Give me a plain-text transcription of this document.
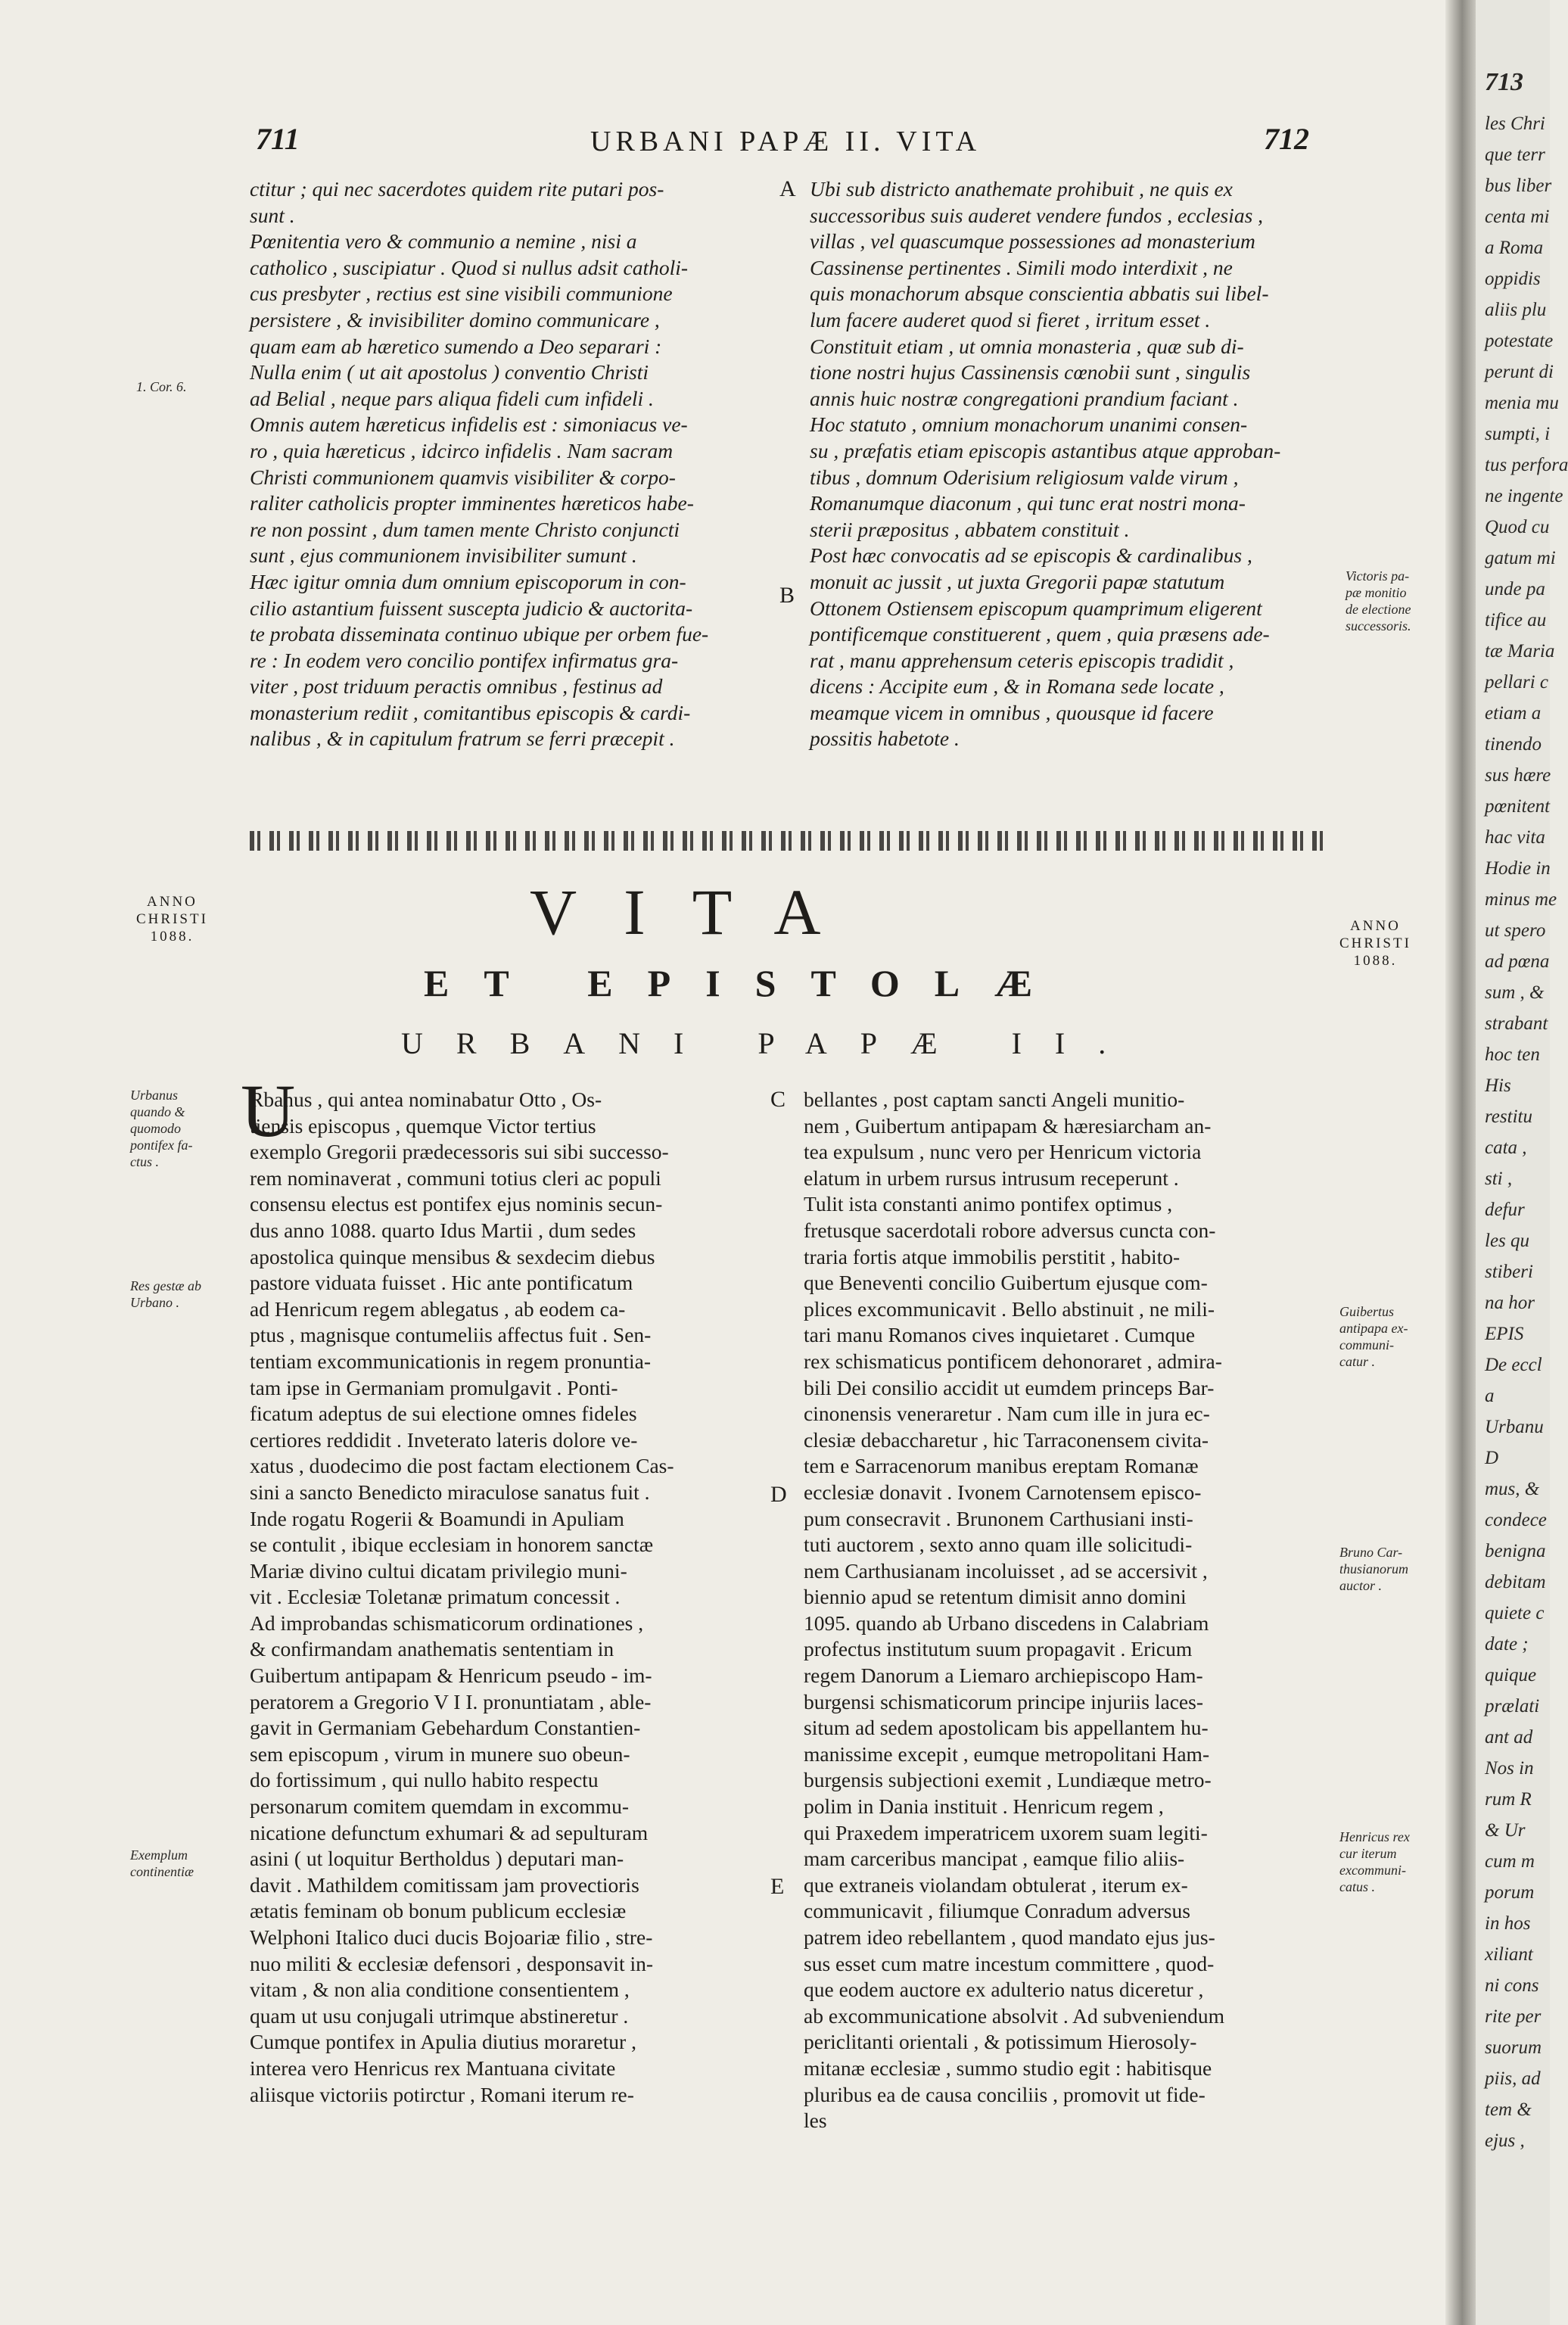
711	URBANI PAPÆ II. VITA	712
ctitur ; qui nec sacerdotes quidem rite putari pos-
sunt .
Pœnitentia vero & communio a nemine , nisi a
catholico , suscipiatur . Quod si nullus adsit catholi-
cus presbyter , rectius est sine visibili communione
persistere , & invisibiliter domino communicare ,
quam eam ab hæretico sumendo a Deo separari :
Nulla enim ( ut ait apostolus ) conventio Christi
ad Belial , neque pars aliqua fideli cum infideli .
Omnis autem hæreticus infidelis est : simoniacus ve-
ro , quia hæreticus , idcirco infidelis . Nam sacram
Christi communionem quamvis visibiliter & corpo-
raliter catholicis propter imminentes hæreticos habe-
re non possint , dum tamen mente Christo conjuncti
sunt , ejus communionem invisibiliter sumunt .
Hæc igitur omnia dum omnium episcoporum in con-
cilio astantium fuissent suscepta judicio & auctorita-
te probata disseminata continuo ubique per orbem fue-
re : In eodem vero concilio pontifex infirmatus gra-
viter , post triduum peractis omnibus , festinus ad
monasterium rediit , comitantibus episcopis & cardi-
nalibus , & in capitulum fratrum se ferri præcepit .
Ubi sub districto anathemate prohibuit , ne quis ex
successoribus suis auderet vendere fundos , ecclesias ,
villas , vel quascumque possessiones ad monasterium
Cassinense pertinentes . Simili modo interdixit , ne
quis monachorum absque conscientia abbatis sui libel-
lum facere auderet quod si fieret , irritum esset .
Constituit etiam , ut omnia monasteria , quæ sub di-
tione nostri hujus Cassinensis cœnobii sunt , singulis
annis huic nostræ congregationi prandium faciant .
Hoc statuto , omnium monachorum unanimi consen-
su , præfatis etiam episcopis astantibus atque approban-
tibus , domnum Oderisium religiosum valde virum ,
Romanumque diaconum , qui tunc erat nostri mona-
sterii præpositus , abbatem constituit .
Post hæc convocatis ad se episcopis & cardinalibus ,
monuit ac jussit , ut juxta Gregorii papæ statutum
Ottonem Ostiensem episcopum quamprimum eligerent
pontificemque constituerent , quem , quia præsens ade-
rat , manu apprehensum ceteris episcopis tradidit ,
dicens : Accipite eum , & in Romana sede locate ,
meamque vicem in omnibus , quousque id facere
possitis habetote .
1. Cor. 6.
Victoris pa-
pæ monitio
de electione
successoris.
A
B
ANNO
CHRISTI
1088.
ANNO
CHRISTI
1088.
VITA
ET EPISTOLÆ
URBANI PAPÆ II.
U
Rbanus , qui antea nominabatur Otto , Os-
tiensis episcopus , quemque Victor tertius
exemplo Gregorii prædecessoris sui sibi successo-
rem nominaverat , communi totius cleri ac populi
consensu electus est pontifex ejus nominis secun-
dus anno 1088. quarto Idus Martii , dum sedes
apostolica quinque mensibus & sexdecim diebus
pastore viduata fuisset . Hic ante pontificatum
ad Henricum regem ablegatus , ab eodem ca-
ptus , magnisque contumeliis affectus fuit . Sen-
tentiam excommunicationis in regem pronuntia-
tam ipse in Germaniam promulgavit . Ponti-
ficatum adeptus de sui electione omnes fideles
certiores reddidit . Inveterato lateris dolore ve-
xatus , duodecimo die post factam electionem Cas-
sini a sancto Benedicto miraculose sanatus fuit .
Inde rogatu Rogerii & Boamundi in Apuliam
se contulit , ibique ecclesiam in honorem sanctæ
Mariæ divino cultui dicatam privilegio muni-
vit . Ecclesiæ Toletanæ primatum concessit .
Ad improbandas schismaticorum ordinationes ,
& confirmandam anathematis sententiam in
Guibertum antipapam & Henricum pseudo - im-
peratorem a Gregorio V I I. pronuntiatam , able-
gavit in Germaniam Gebehardum Constantien-
sem episcopum , virum in munere suo obeun-
do fortissimum , qui nullo habito respectu
personarum comitem quemdam in excommu-
nicatione defunctum exhumari & ad sepulturam
asini ( ut loquitur Bertholdus ) deputari man-
davit . Mathildem comitissam jam provectioris
ætatis feminam ob bonum publicum ecclesiæ
Welphoni Italico duci ducis Bojoariæ filio , stre-
nuo militi & ecclesiæ defensori , desponsavit in-
vitam , & non alia conditione consentientem ,
quam ut usu conjugali utrimque abstineretur .
Cumque pontifex in Apulia diutius moraretur ,
interea vero Henricus rex Mantuana civitate
aliisque victoriis potirctur , Romani iterum re-
bellantes , post captam sancti Angeli munitio-
nem , Guibertum antipapam & hæresiarcham an-
tea expulsum , nunc vero per Henricum victoria
elatum in urbem rursus intrusum receperunt .
Tulit ista constanti animo pontifex optimus ,
fretusque sacerdotali robore adversus cuncta con-
traria fortis atque immobilis perstitit , habito-
que Beneventi concilio Guibertum ejusque com-
plices excommunicavit . Bello abstinuit , ne mili-
tari manu Romanos cives inquietaret . Cumque
rex schismaticus pontificem dehonoraret , admira-
bili Dei consilio accidit ut eumdem princeps Bar-
cinonensis veneraretur . Nam cum ille in jura ec-
clesiæ debaccharetur , hic Tarraconensem civita-
tem e Sarracenorum manibus ereptam Romanæ
ecclesiæ donavit . Ivonem Carnotensem episco-
pum consecravit . Brunonem Carthusiani insti-
tuti auctorem , sexto anno quam ille solicitudi-
nem Carthusianam incoluisset , ad se accersivit ,
biennio apud se retentum dimisit anno domini
1095. quando ab Urbano discedens in Calabriam
profectus institutum suum propagavit . Ericum
regem Danorum a Liemaro archiepiscopo Ham-
burgensi schismaticorum principe injuriis laces-
situm ad sedem apostolicam bis appellantem hu-
manissime excepit , eumque metropolitani Ham-
burgensis subjectioni exemit , Lundiæque metro-
polim in Dania instituit . Henricum regem ,
qui Praxedem imperatricem uxorem suam legiti-
mam carceribus mancipat , eamque filio aliis-
que extraneis violandam obtulerat , iterum ex-
communicavit , filiumque Conradum adversus
patrem ideo rebellantem , quod mandato ejus jus-
sus esset cum matre incestum committere , quod-
que eodem auctore ex adulterio natus diceretur ,
ab excommunicatione absolvit . Ad subveniendum
periclitanti orientali , & potissimum Hierosoly-
mitanæ ecclesiæ , summo studio egit : habitisque
pluribus ea de causa conciliis , promovit ut fide-
les
C
D
E
Urbanus
quando &
quomodo
pontifex fa-
ctus .
Res gestæ ab
Urbano .
Exemplum
continentiæ
Guibertus
antipapa ex-
communi-
catur .
Bruno Car-
thusianorum
auctor .
Henricus rex
cur iterum
excommuni-
catus .
713
les Chri
que terr
bus liber
centa mi
a Roma
oppidis
aliis plu
potestate
perunt di
menia mu
sumpti, i
tus perfora
ne ingente
Quod cu
gatum mi
unde pa
tifice au
tæ Maria
pellari c
etiam a
tinendo
sus hære
pœnitent
hac vita
Hodie in
minus me
ut spero
ad pœna
sum , &
strabant
hoc ten
His
restitu
cata ,
sti ,
defur
les qu
stiberi
na hor
EPIS
De eccl
a
Urbanu
D
mus, &
condece
benigna
debitam
quiete c
date ;
quique
prælati
ant ad
Nos in
rum R
& Ur
cum m
porum
in hos
xiliant
ni cons
rite per
suorum
piis, ad
tem &
ejus ,
